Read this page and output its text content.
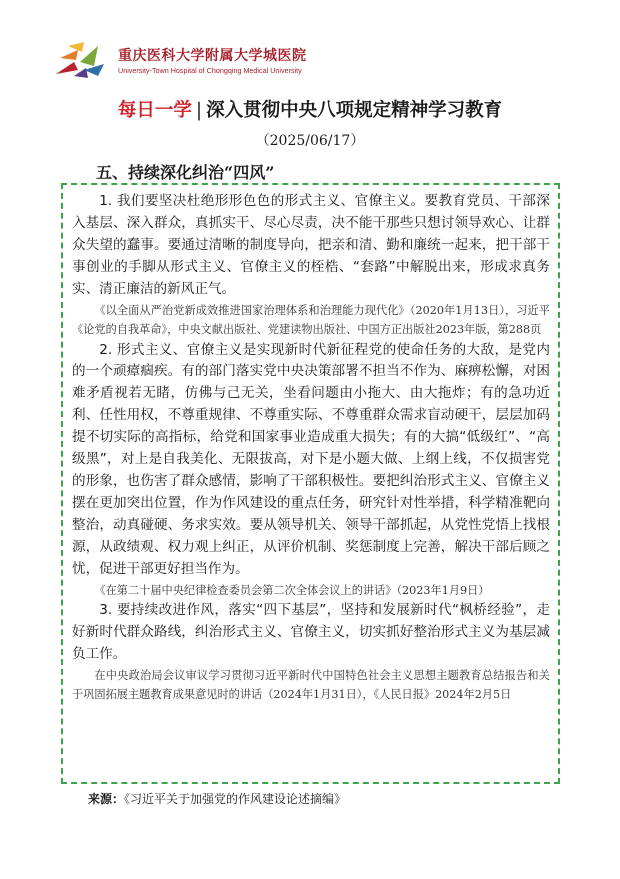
重庆医科大学附属大学城医院
University-Town Hospital of Chongqing Medical University
每日一学 | 深入贯彻中央八项规定精神学习教育
（2025/06/17）
五、持续深化纠治“四风”

1. 我们要坚决杜绝形形色色的形式主义、官僚主义。要教育党员、干部深入基层、深入群众，真抓实干、尽心尽责，决不能干那些只想讨领导欢心、让群众失望的蠢事。要通过清晰的制度导向，把亲和清、勤和廉统一起来，把干部干事创业的手脚从形式主义、官僚主义的桎梏、“套路”中解脱出来，形成求真务实、清正廉洁的新风正气。

《以全面从严治党新成效推进国家治理体系和治理能力现代化》（2020年1月13日），习近平《论党的自我革命》，中央文献出版社、党建读物出版社、中国方正出版社2023年版，第288页

2. 形式主义、官僚主义是实现新时代新征程党的使命任务的大敌，是党内的一个顽瘴痼疾。有的部门落实党中央决策部署不担当不作为、麻痹松懈，对困难矛盾视若无睹，仿佛与己无关，坐看问题由小拖大、由大拖炸；有的急功近利、任性用权，不尊重规律、不尊重实际、不尊重群众需求盲动硬干，层层加码提不切实际的高指标，给党和国家事业造成重大损失；有的大搞“低级红”、“高级黑”，对上是自我美化、无限拔高，对下是小题大做、上纲上线，不仅损害党的形象，也伤害了群众感情，影响了干部积极性。要把纠治形式主义、官僚主义摆在更加突出位置，作为作风建设的重点任务，研究针对性举措，科学精准靶向整治，动真碰硬、务求实效。要从领导机关、领导干部抓起，从党性党悟上找根源，从政绩观、权力观上纠正，从评价机制、奖惩制度上完善，解决干部后顾之忧，促进干部更好担当作为。

《在第二十届中央纪律检查委员会第二次全体会议上的讲话》（2023年1月9日）

3. 要持续改进作风，落实“四下基层”，坚持和发展新时代“枫桥经验”，走好新时代群众路线，纠治形式主义、官僚主义，切实抓好整治形式主义为基层减负工作。

在中央政治局会议审议学习贯彻习近平新时代中国特色社会主义思想主题教育总结报告和关于巩固拓展主题教育成果意见时的讲话（2024年1月31日），《人民日报》2024年2月5日

来源：《习近平关于加强党的作风建设论述摘编》
